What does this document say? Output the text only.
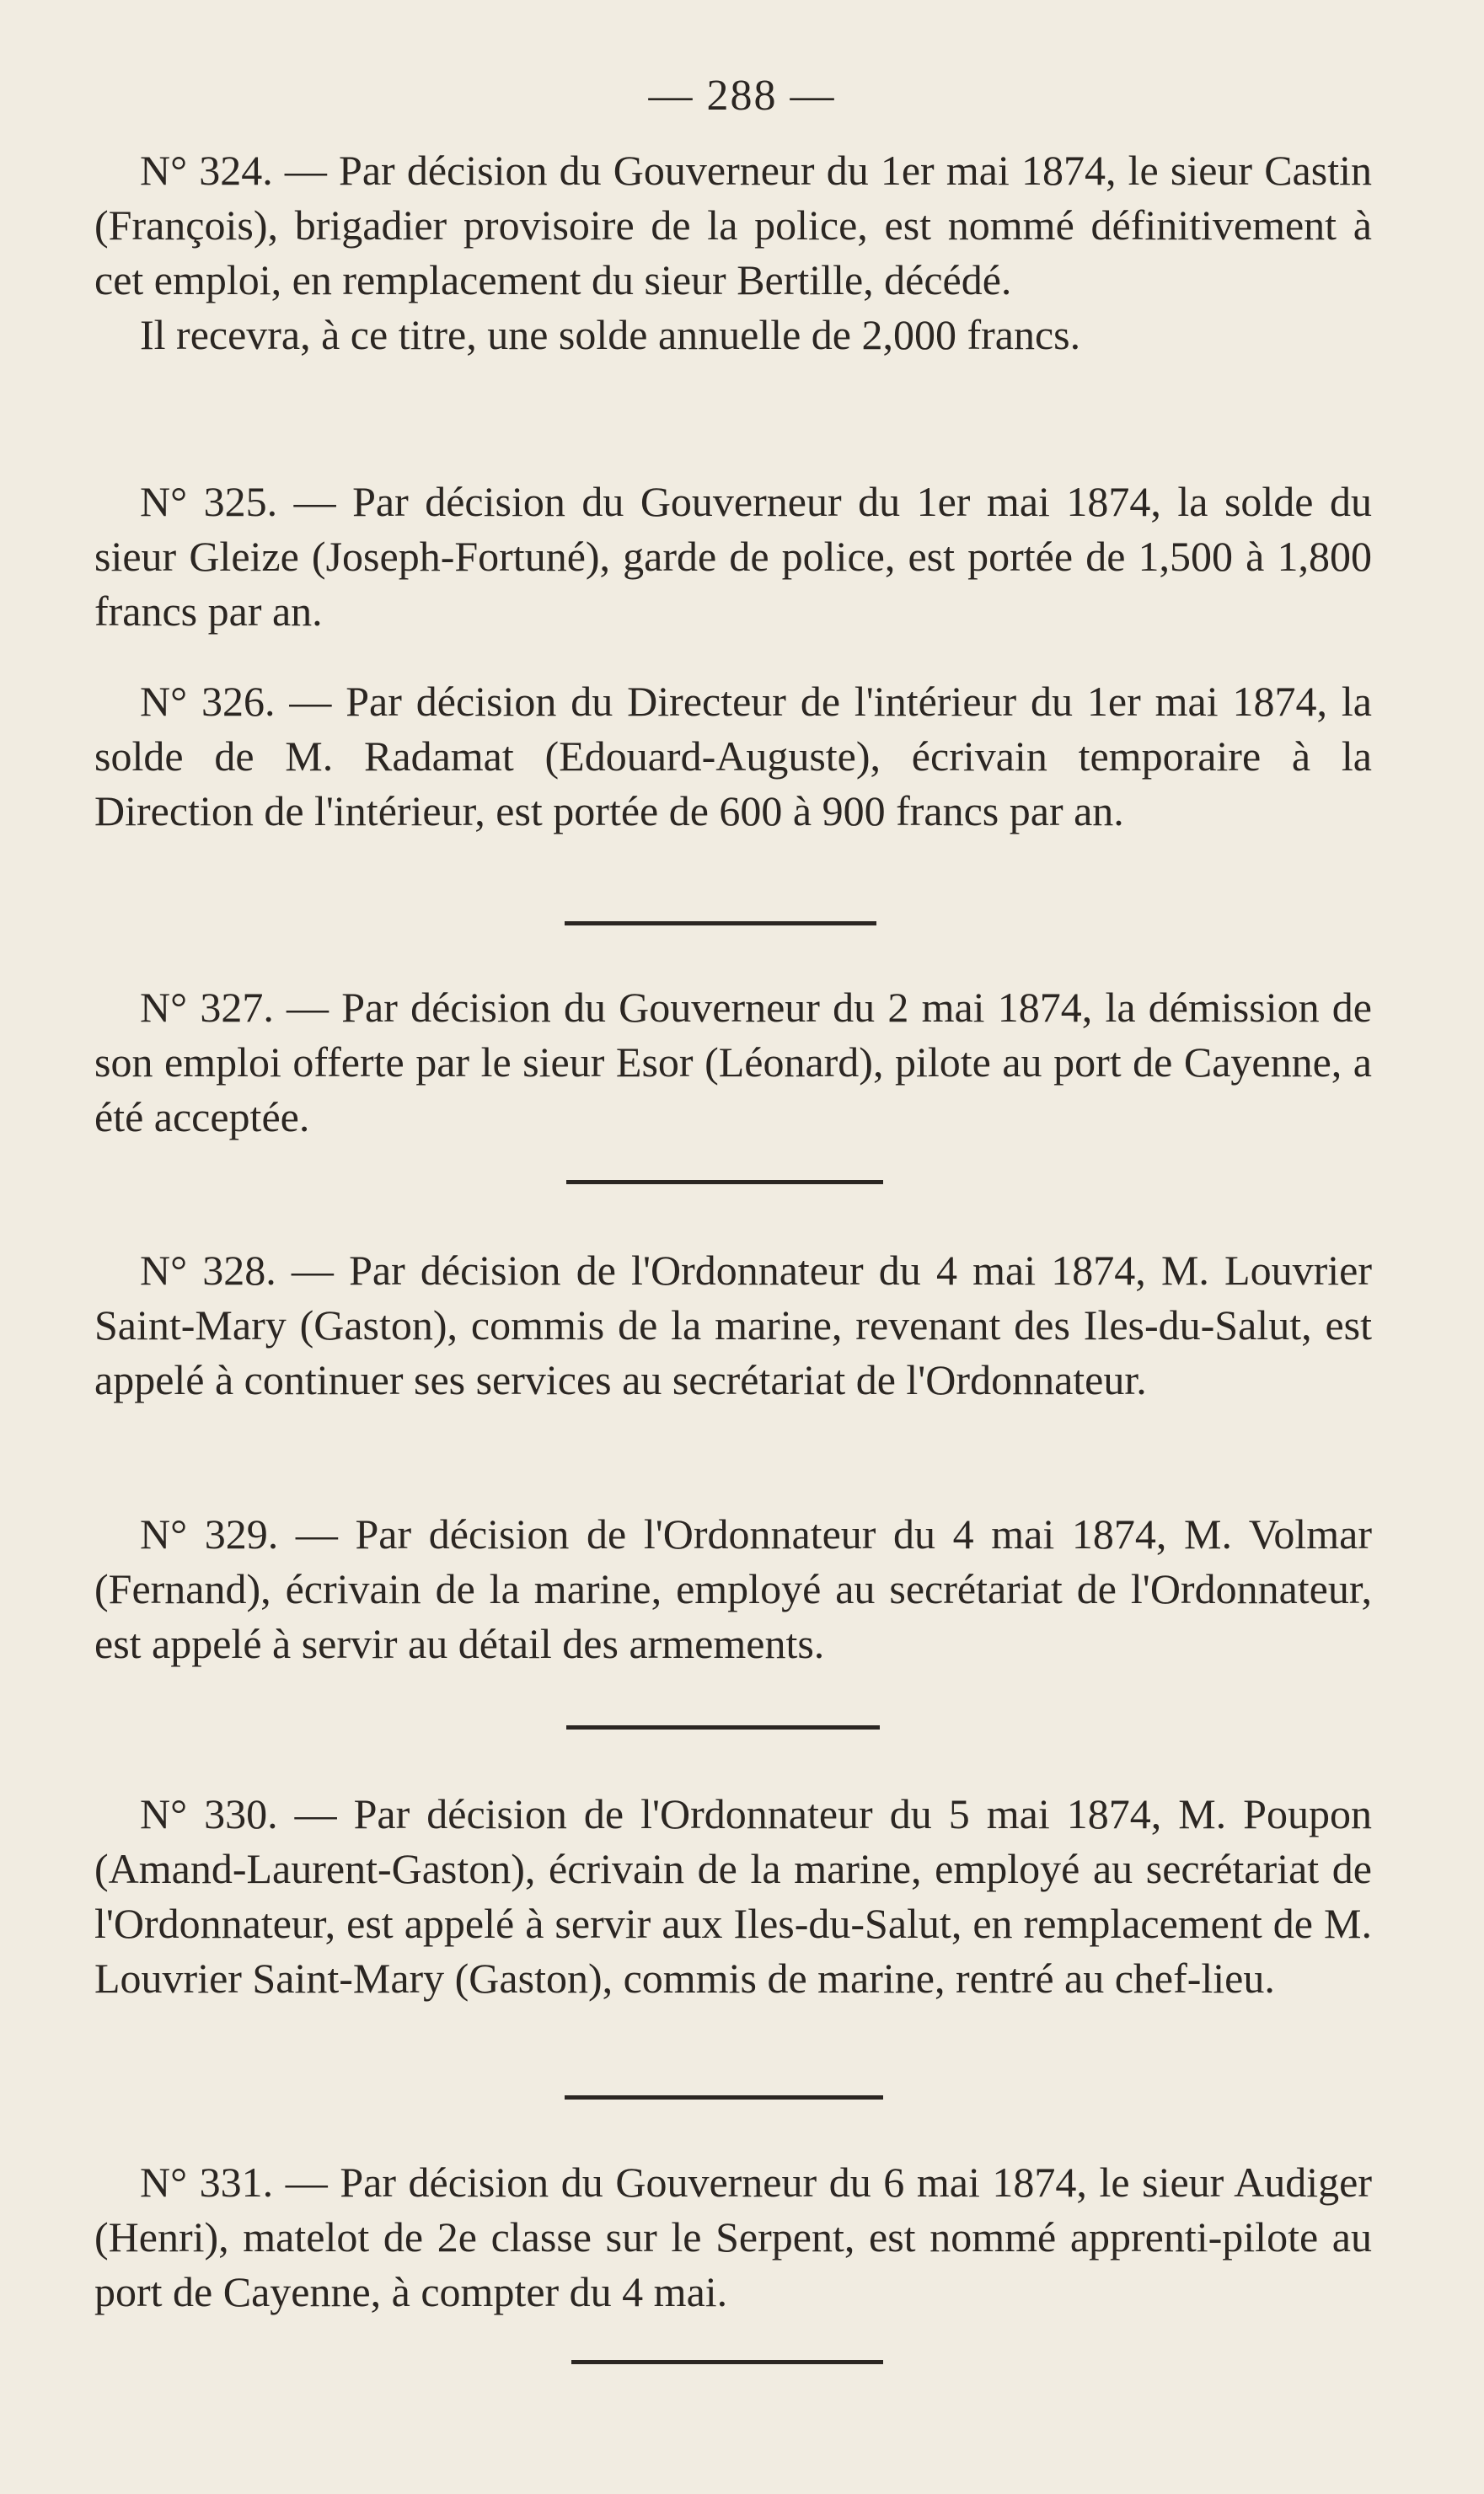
— 288 —

N° 324. — Par décision du Gouverneur du 1er mai 1874, le sieur Castin (François), brigadier provisoire de la police, est nommé définitivement à cet emploi, en remplacement du sieur Bertille, décédé.

Il recevra, à ce titre, une solde annuelle de 2,000 francs.

N° 325. — Par décision du Gouverneur du 1er mai 1874, la solde du sieur Gleize (Joseph-Fortuné), garde de police, est portée de 1,500 à 1,800 francs par an.

N° 326. — Par décision du Directeur de l'intérieur du 1er mai 1874, la solde de M. Radamat (Edouard-Auguste), écrivain temporaire à la Direction de l'intérieur, est portée de 600 à 900 francs par an.

N° 327. — Par décision du Gouverneur du 2 mai 1874, la démission de son emploi offerte par le sieur Esor (Léonard), pilote au port de Cayenne, a été acceptée.

N° 328. — Par décision de l'Ordonnateur du 4 mai 1874, M. Louvrier Saint-Mary (Gaston), commis de la marine, revenant des Iles-du-Salut, est appelé à continuer ses services au secrétariat de l'Ordonnateur.

N° 329. — Par décision de l'Ordonnateur du 4 mai 1874, M. Volmar (Fernand), écrivain de la marine, employé au secrétariat de l'Ordonnateur, est appelé à servir au détail des armements.

N° 330. — Par décision de l'Ordonnateur du 5 mai 1874, M. Poupon (Amand-Laurent-Gaston), écrivain de la marine, employé au secrétariat de l'Ordonnateur, est appelé à servir aux Iles-du-Salut, en remplacement de M. Louvrier Saint-Mary (Gaston), commis de marine, rentré au chef-lieu.

N° 331. — Par décision du Gouverneur du 6 mai 1874, le sieur Audiger (Henri), matelot de 2e classe sur le Serpent, est nommé apprenti-pilote au port de Cayenne, à compter du 4 mai.
